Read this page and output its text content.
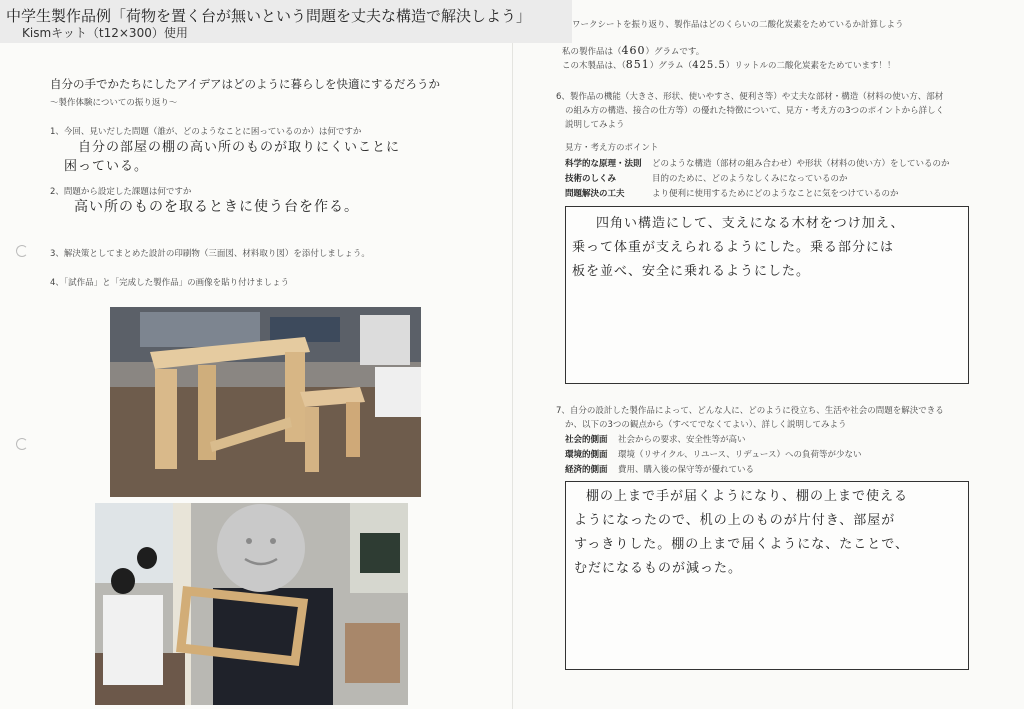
自分の手でかたちにしたアイデアはどのように暮らしを快適にするだろうか
〜製作体験についての振り返り〜
1、今回、見いだした問題（誰が、どのようなことに困っているのか）は何ですか
自分の部屋の棚の高い所のものが取りにくいことに
困っている。
2、問題から設定した課題は何ですか
高い所のものを取るときに使う台を作る。
3、解決策としてまとめた設計の印刷物（三面図、材料取り図）を添付しましょう。
4、「試作品」と「完成した製作品」の画像を貼り付けましょう
ワークシートを振り返り、製作品はどのくらいの二酸化炭素をためているか計算しよう
私の製作品は（460）グラムです。
この木製品は、（851）グラム（425.5）リットルの二酸化炭素をためています！！
6、製作品の機能（大きさ、形状、使いやすさ、便利さ等）や丈夫な部材・構造（材料の使い方、部材
の組み方の構造、接合の仕方等）の優れた特徴について、見方・考え方の3つのポイントから詳しく
説明してみよう
見方・考え方のポイント
科学的な原理・法則 どのような構造（部材の組み合わせ）や形状（材料の使い方）をしているのか
技術のしくみ	目的のために、どのようなしくみになっているのか
問題解決の工夫	より便利に使用するためにどのようなことに気をつけているのか
四角い構造にして、支えになる木材をつけ加え、
乗って体重が支えられるようにした。乗る部分には
板を並べ、安全に乗れるようにした。
7、自分の設計した製作品によって、どんな人に、どのように役立ち、生活や社会の問題を解決できる
か、以下の3つの観点から（すべてでなくてよい）、詳しく説明してみよう
社会的側面 社会からの要求、安全性等が高い
環境的側面 環境（リサイクル、リユース、リデュース）への負荷等が少ない
経済的側面 費用、購入後の保守等が優れている
棚の上まで手が届くようになり、棚の上まで使える
ようになったので、机の上のものが片付き、部屋が
すっきりした。棚の上まで届くようにな、たことで、
むだになるものが減った。
中学生製作品例「荷物を置く台が無いという問題を丈夫な構造で解決しよう」
Kismキット（t12×300）使用
